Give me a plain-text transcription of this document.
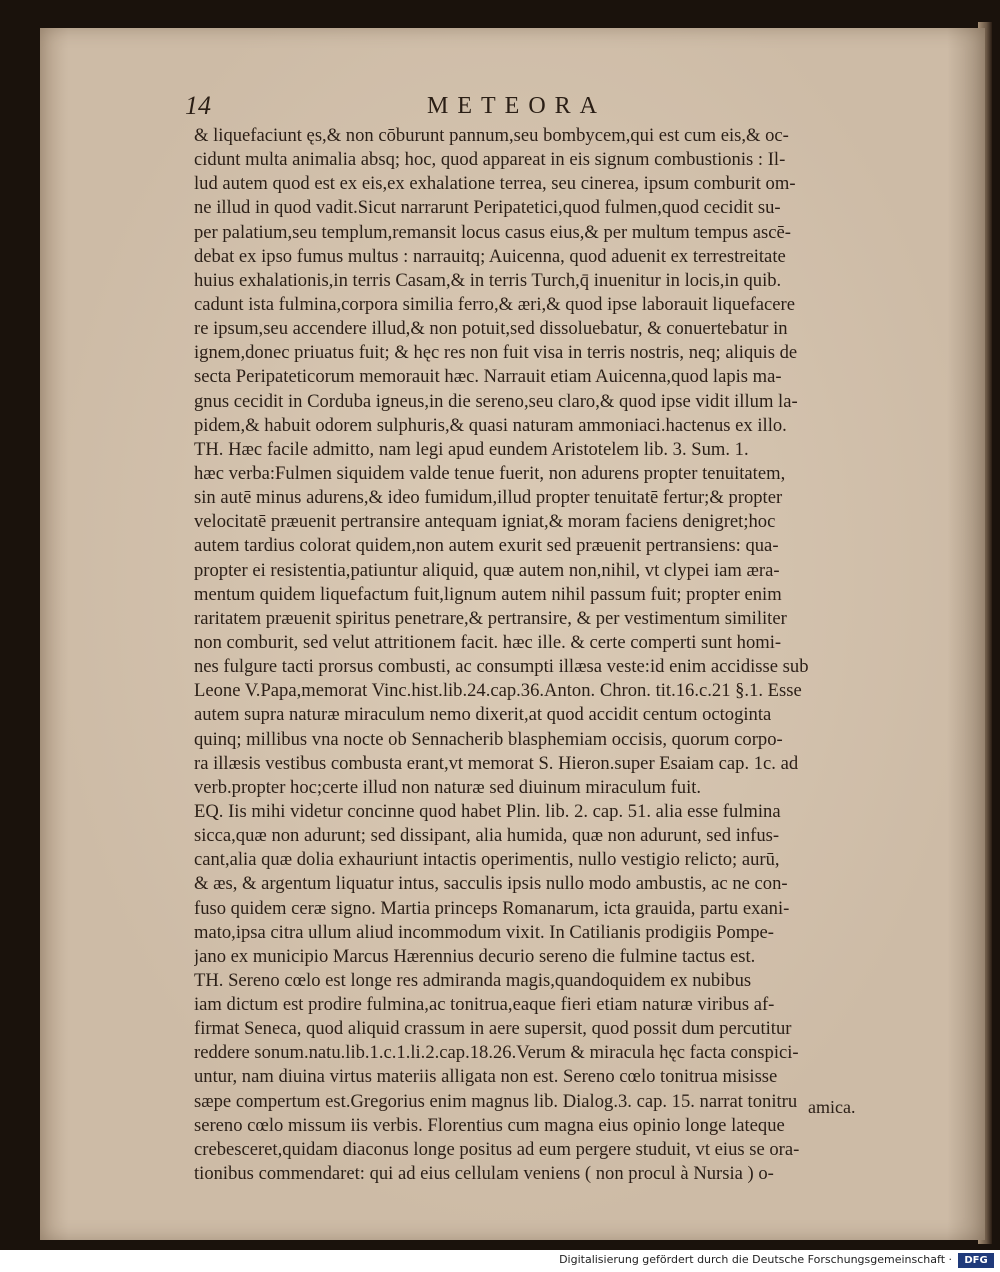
14	METEORA
& liquefaciunt ęs,& non cōburunt pannum,seu bombycem,qui est cum eis,& oc-
cidunt multa animalia absq; hoc, quod appareat in eis signum combustionis : Il-
lud autem quod est ex eis,ex exhalatione terrea, seu cinerea, ipsum comburit om-
ne illud in quod vadit.Sicut narrarunt Peripatetici,quod fulmen,quod cecidit su-
per palatium,seu templum,remansit locus casus eius,& per multum tempus ascē-
debat ex ipso fumus multus : narrauitq; Auicenna, quod aduenit ex terrestreitate
huius exhalationis,in terris Casam,& in terris Turch,q̄ inuenitur in locis,in quib.
cadunt ista fulmina,corpora similia ferro,& æri,& quod ipse laborauit liquefacere
re ipsum,seu accendere illud,& non potuit,sed dissoluebatur, & conuertebatur in
ignem,donec priuatus fuit; & hęc res non fuit visa in terris nostris, neq; aliquis de
secta Peripateticorum memorauit hæc. Narrauit etiam Auicenna,quod lapis ma-
gnus cecidit in Corduba igneus,in die sereno,seu claro,& quod ipse vidit illum la-
pidem,& habuit odorem sulphuris,& quasi naturam ammoniaci.hactenus ex illo.
TH. Hæc facile admitto, nam legi apud eundem Aristotelem lib. 3. Sum. 1.
hæc verba:Fulmen siquidem valde tenue fuerit, non adurens propter tenuitatem,
sin autē minus adurens,& ideo fumidum,illud propter tenuitatē fertur;& propter
velocitatē præuenit pertransire antequam igniat,& moram faciens denigret;hoc
autem tardius colorat quidem,non autem exurit sed præuenit pertransiens: qua-
propter ei resistentia,patiuntur aliquid, quæ autem non,nihil, vt clypei iam æra-
mentum quidem liquefactum fuit,lignum autem nihil passum fuit; propter enim
raritatem præuenit spiritus penetrare,& pertransire, & per vestimentum similiter
non comburit, sed velut attritionem facit. hæc ille. & certe comperti sunt homi-
nes fulgure tacti prorsus combusti, ac consumpti illæsa veste:id enim accidisse sub
Leone V.Papa,memorat Vinc.hist.lib.24.cap.36.Anton. Chron. tit.16.c.21 §.1. Esse
autem supra naturæ miraculum nemo dixerit,at quod accidit centum octoginta
quinq; millibus vna nocte ob Sennacherib blasphemiam occisis, quorum corpo-
ra illæsis vestibus combusta erant,vt memorat S. Hieron.super Esaiam cap. 1c. ad
verb.propter hoc;certe illud non naturæ sed diuinum miraculum fuit.
EQ. Iis mihi videtur concinne quod habet Plin. lib. 2. cap. 51. alia esse fulmina
sicca,quæ non adurunt; sed dissipant, alia humida, quæ non adurunt, sed infus-
cant,alia quæ dolia exhauriunt intactis operimentis, nullo vestigio relicto; aurū,
& æs, & argentum liquatur intus, sacculis ipsis nullo modo ambustis, ac ne con-
fuso quidem ceræ signo. Martia princeps Romanarum, icta grauida, partu exani-
mato,ipsa citra ullum aliud incommodum vixit. In Catilianis prodigiis Pompe-
jano ex municipio Marcus Hærennius decurio sereno die fulmine tactus est.
TH. Sereno cœlo est longe res admiranda magis,quandoquidem ex nubibus
iam dictum est prodire fulmina,ac tonitrua,eaque fieri etiam naturæ viribus af-
firmat Seneca, quod aliquid crassum in aere supersit, quod possit dum percutitur
reddere sonum.natu.lib.1.c.1.li.2.cap.18.26.Verum & miracula hęc facta conspici-
untur, nam diuina virtus materiis alligata non est. Sereno cœlo tonitrua misisse
sæpe compertum est.Gregorius enim magnus lib. Dialog.3. cap. 15. narrat tonitru
sereno cœlo missum iis verbis. Florentius cum magna eius opinio longe lateque
crebesceret,quidam diaconus longe positus ad eum pergere studuit, vt eius se ora-
tionibus commendaret: qui ad eius cellulam veniens ( non procul à Nursia ) o-
amica.
Digitalisierung gefördert durch die Deutsche Forschungsgemeinschaft ·	DFG
